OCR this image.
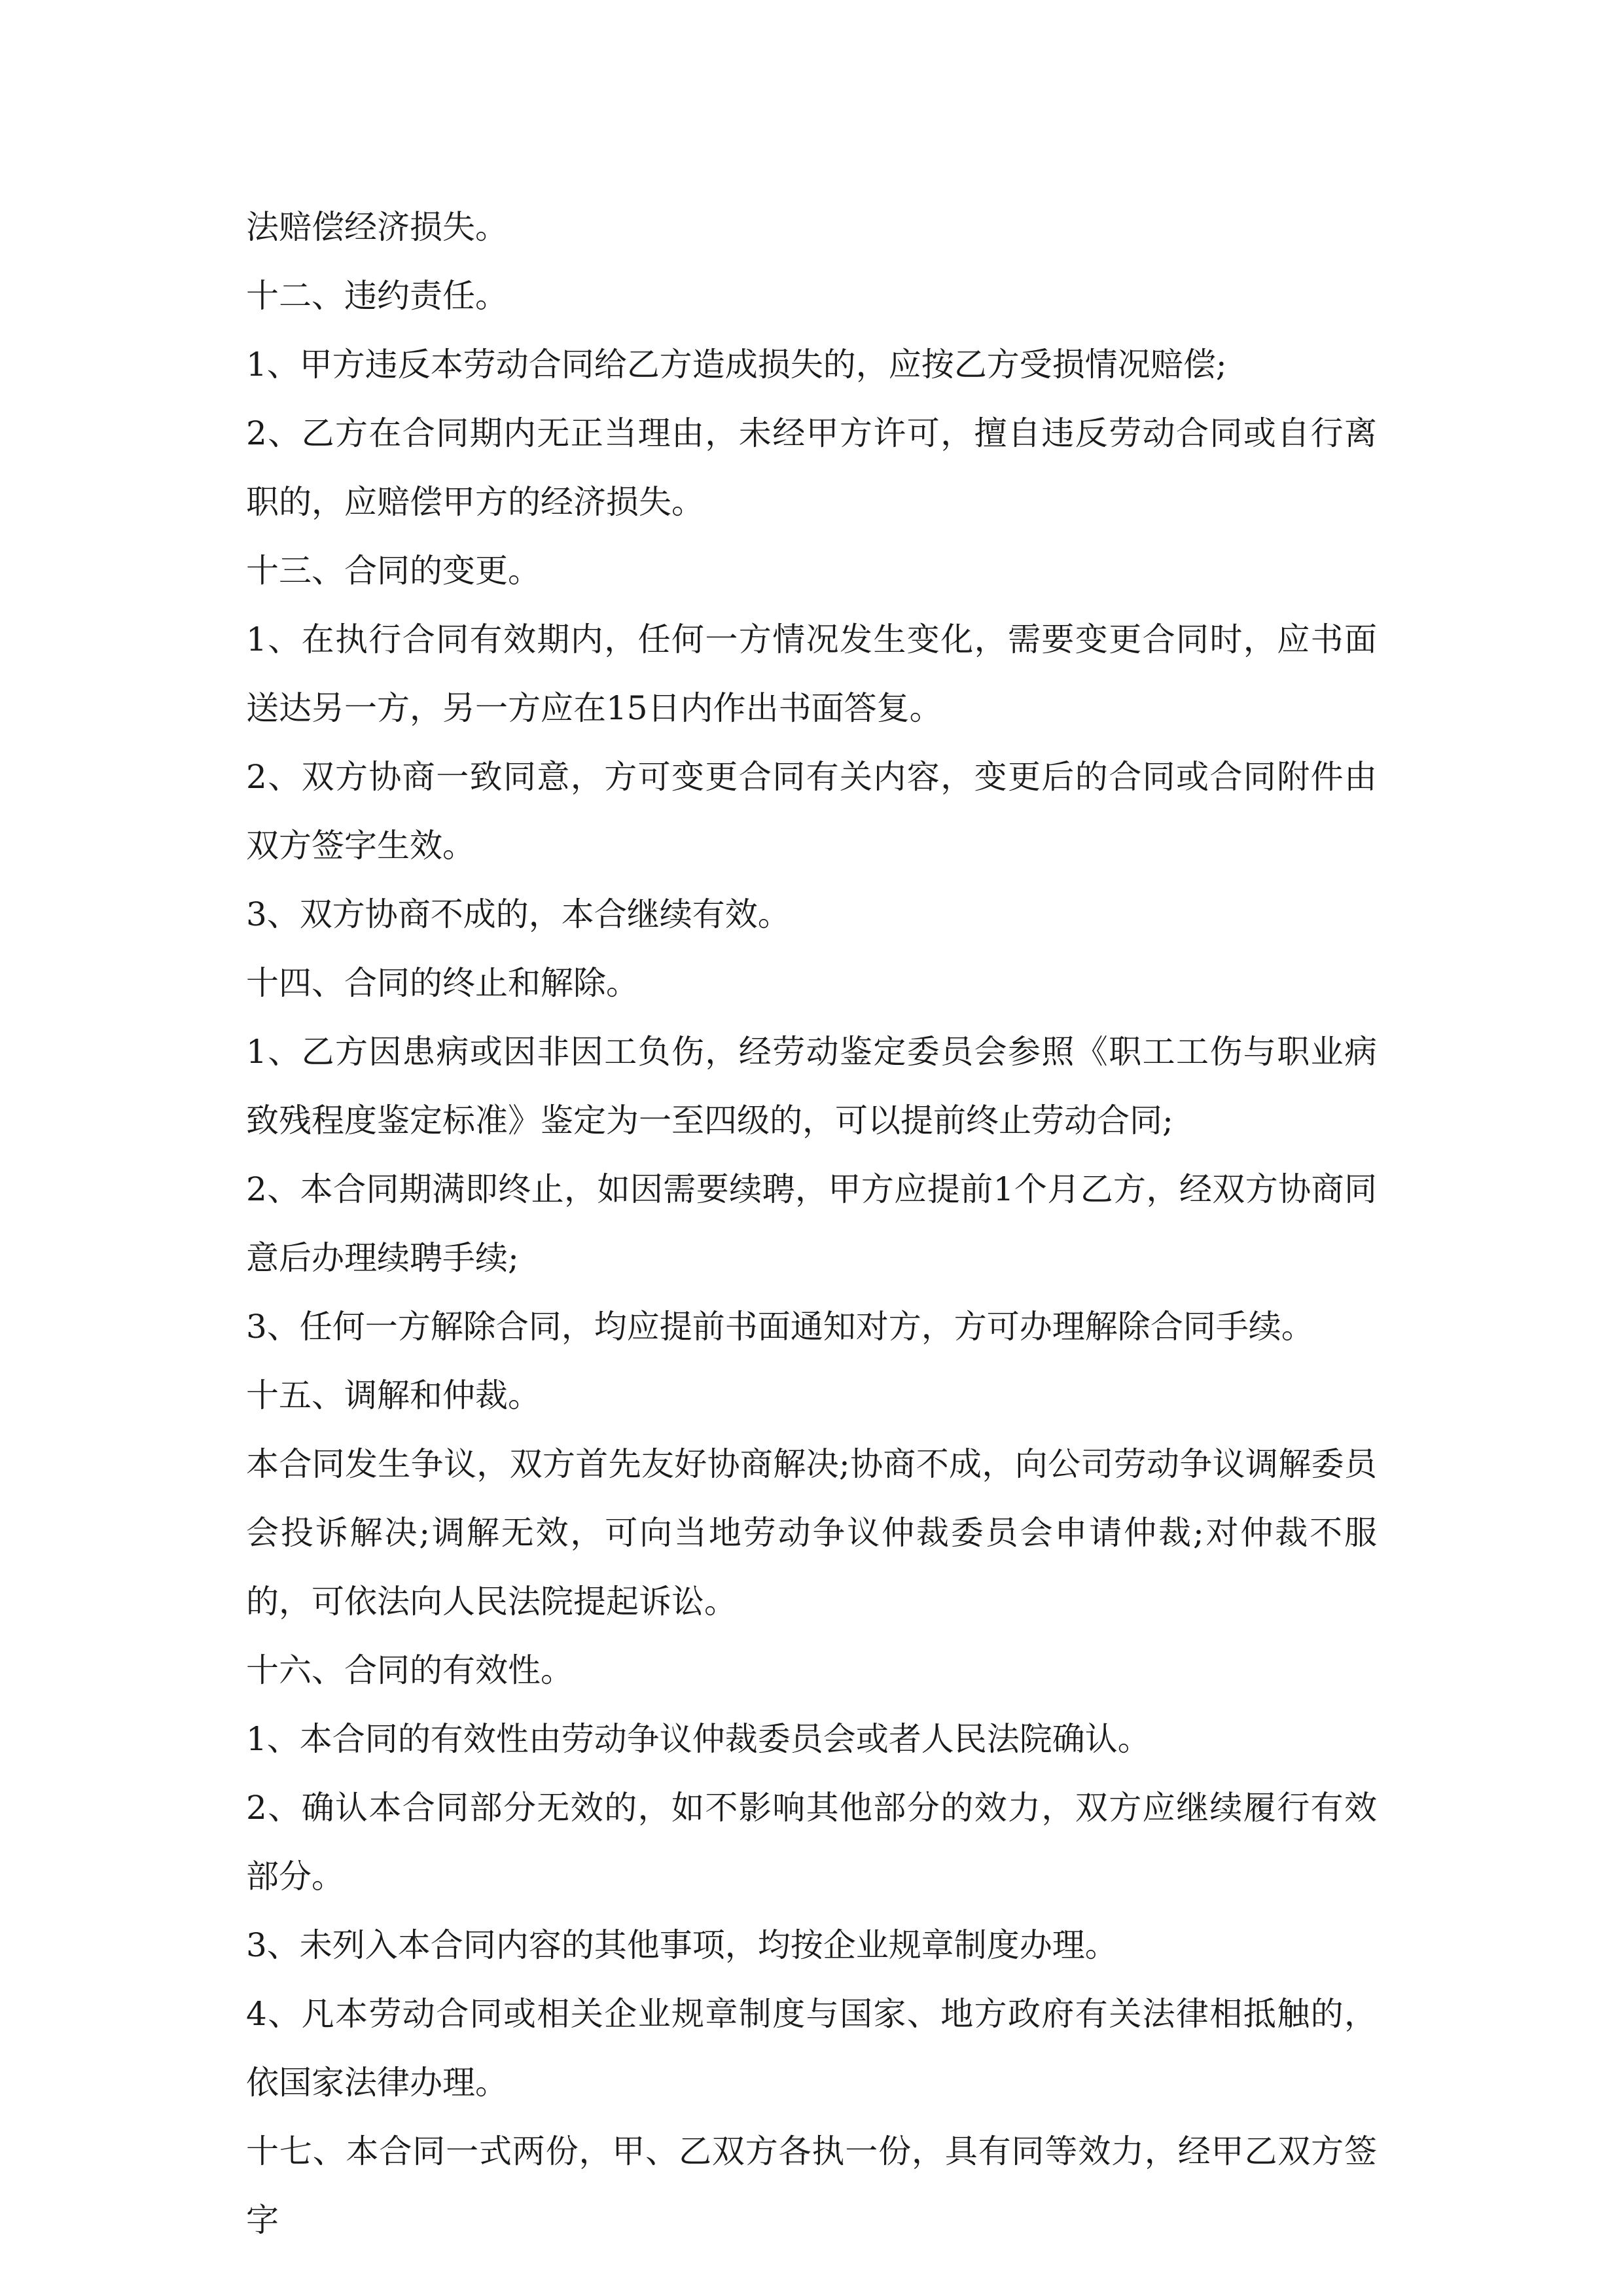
法赔偿经济损失。

十二、违约责任。

1、甲方违反本劳动合同给乙方造成损失的，应按乙方受损情况赔偿;

2、乙方在合同期内无正当理由，未经甲方许可，擅自违反劳动合同或自行离职的，应赔偿甲方的经济损失。

十三、合同的变更。

1、在执行合同有效期内，任何一方情况发生变化，需要变更合同时，应书面送达另一方，另一方应在15日内作出书面答复。

2、双方协商一致同意，方可变更合同有关内容，变更后的合同或合同附件由双方签字生效。

3、双方协商不成的，本合继续有效。

十四、合同的终止和解除。

1、乙方因患病或因非因工负伤，经劳动鉴定委员会参照《职工工伤与职业病致残程度鉴定标准》鉴定为一至四级的，可以提前终止劳动合同;

2、本合同期满即终止，如因需要续聘，甲方应提前1个月乙方，经双方协商同意后办理续聘手续;

3、任何一方解除合同，均应提前书面通知对方，方可办理解除合同手续。

十五、调解和仲裁。

本合同发生争议，双方首先友好协商解决;协商不成，向公司劳动争议调解委员会投诉解决;调解无效，可向当地劳动争议仲裁委员会申请仲裁;对仲裁不服的，可依法向人民法院提起诉讼。

十六、合同的有效性。

1、本合同的有效性由劳动争议仲裁委员会或者人民法院确认。

2、确认本合同部分无效的，如不影响其他部分的效力，双方应继续履行有效部分。

3、未列入本合同内容的其他事项，均按企业规章制度办理。

4、凡本劳动合同或相关企业规章制度与国家、地方政府有关法律相抵触的，依国家法律办理。

十七、本合同一式两份，甲、乙双方各执一份，具有同等效力，经甲乙双方签字
